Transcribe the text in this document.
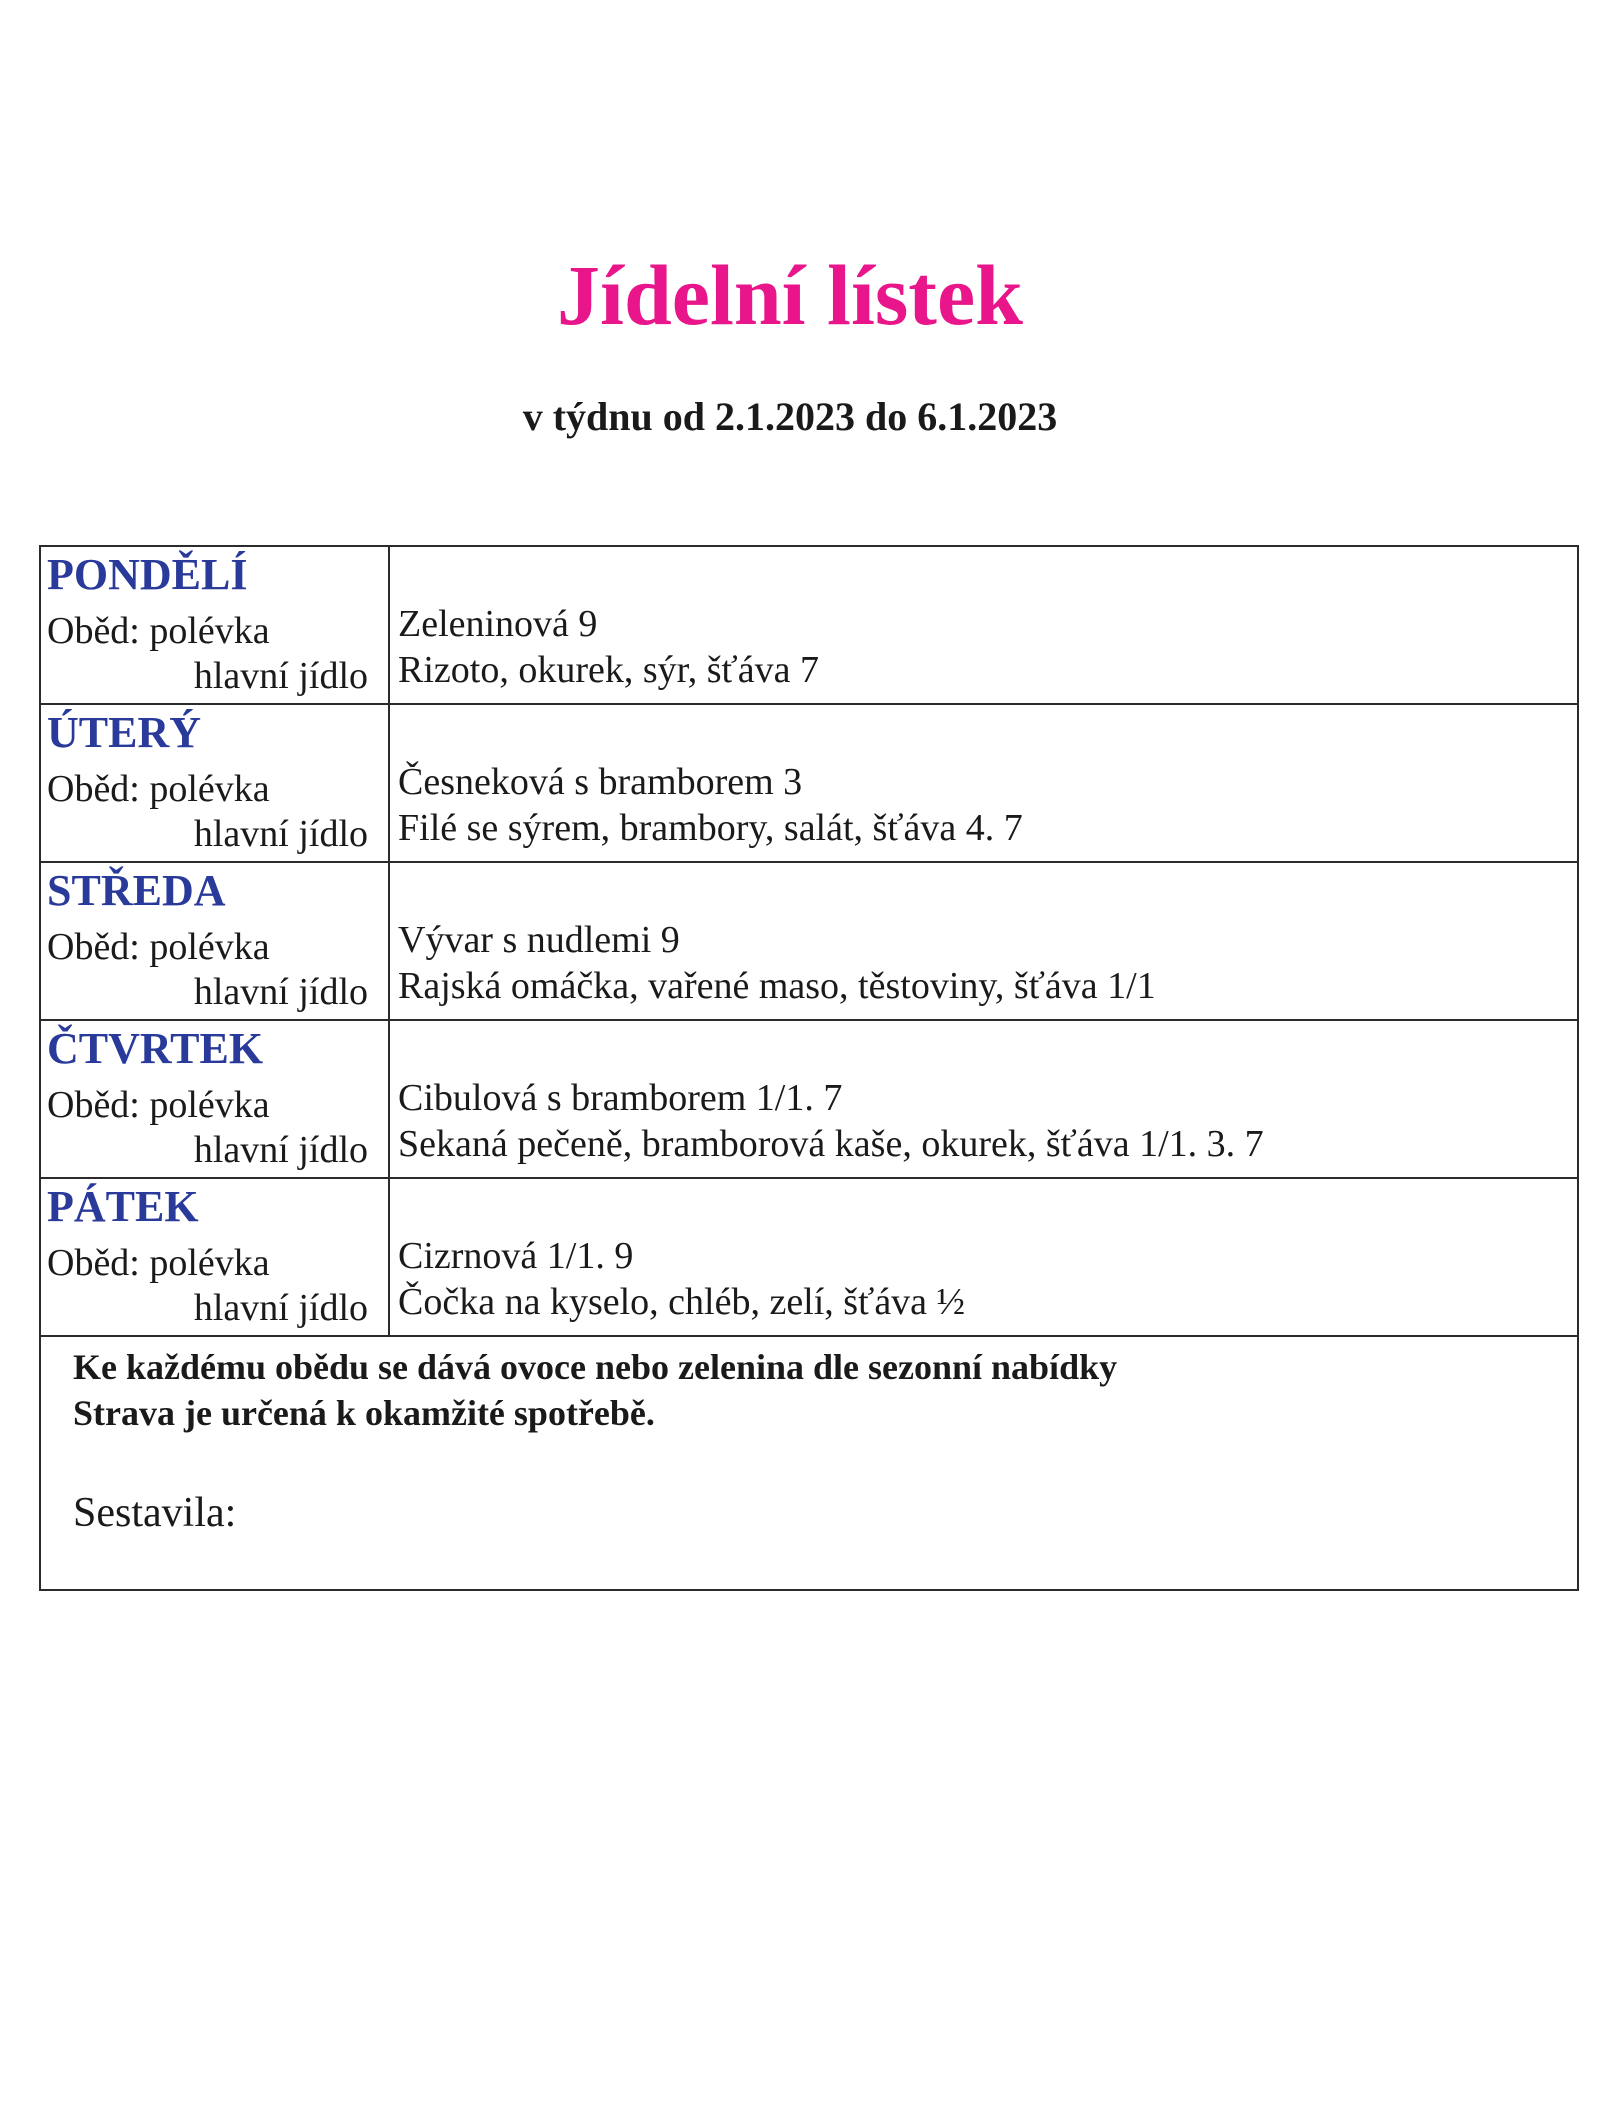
Jídelní lístek
v týdnu od 2.1.2023 do 6.1.2023
PONDĚLÍ
Oběd: polévka
hlavní jídlo
Zeleninová 9
Rizoto, okurek, sýr, šťáva 7
ÚTERÝ
Oběd: polévka
hlavní jídlo
Česneková s bramborem 3
Filé se sýrem, brambory, salát, šťáva 4. 7
STŘEDA
Oběd: polévka
hlavní jídlo
Vývar s nudlemi 9
Rajská omáčka, vařené maso, těstoviny, šťáva 1/1
ČTVRTEK
Oběd: polévka
hlavní jídlo
Cibulová s bramborem 1/1. 7
Sekaná pečeně, bramborová kaše, okurek, šťáva 1/1. 3. 7
PÁTEK
Oběd: polévka
hlavní jídlo
Cizrnová 1/1. 9
Čočka na kyselo, chléb, zelí, šťáva ½
Ke každému obědu se dává ovoce nebo zelenina dle sezonní nabídky
Strava je určená k okamžité spotřebě.
Sestavila:
